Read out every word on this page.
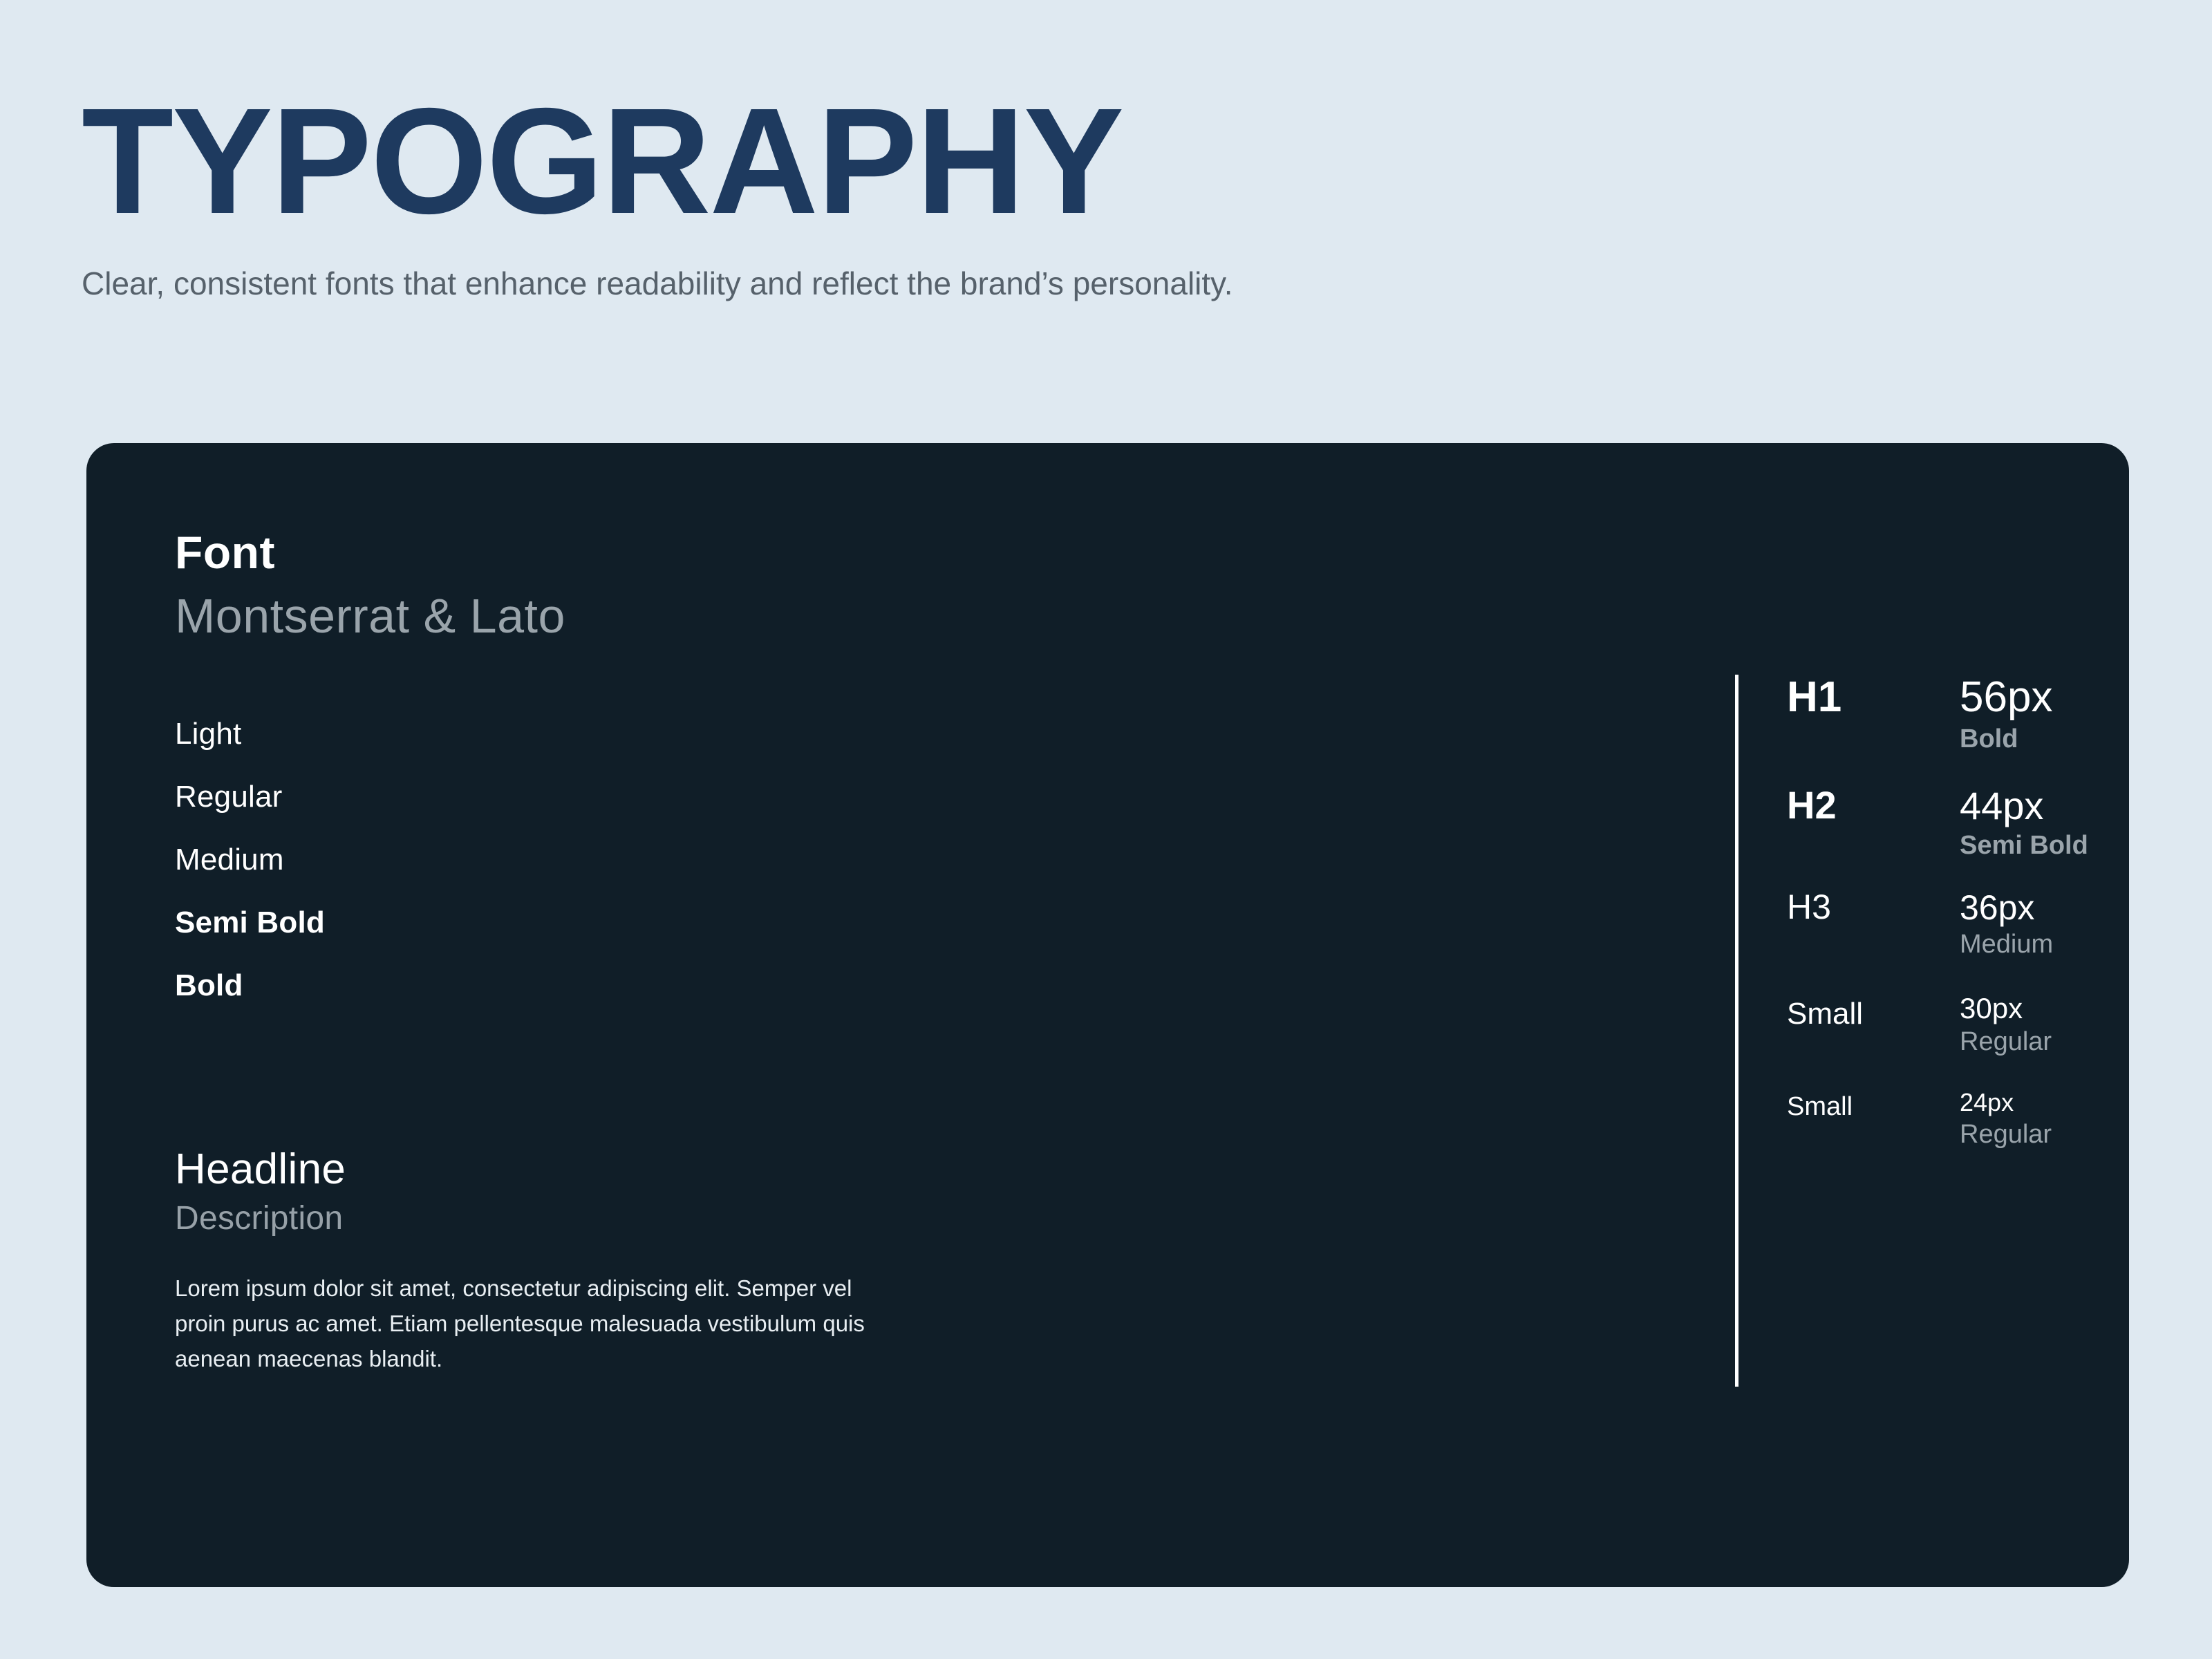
TYPOGRAPHY

Clear, consistent fonts that enhance readability and reflect the brand’s personality.

Font
Montserrat & Lato
Light
Regular
Medium
Semi Bold
Bold
Headline
Description
Lorem ipsum dolor sit amet, consectetur adipiscing elit. Semper vel proin purus ac amet. Etiam pellentesque malesuada vestibulum quis aenean maecenas blandit.
H1	56px
Bold
H2	44px
Semi Bold
H3	36px
Medium
Small	30px
Regular
Small	24px
Regular
